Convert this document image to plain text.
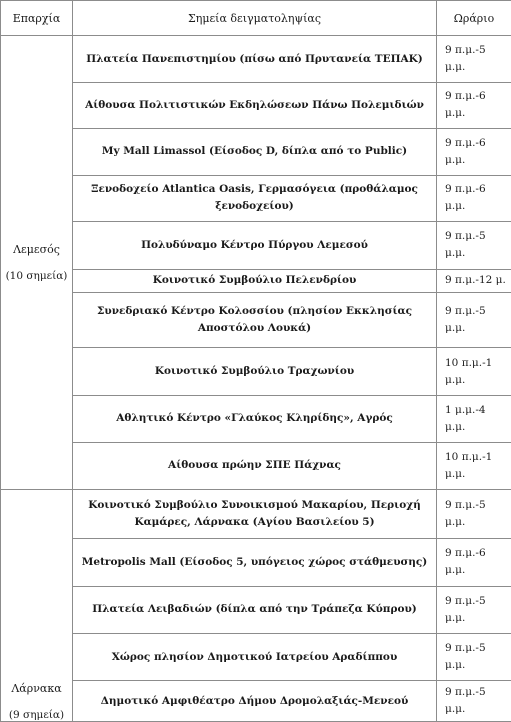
Επαρχία	Σημεία δειγματοληψίας	Ωράριο
Λεμεσός
(10 σημεία)	Πλατεία Πανεπιστημίου (πίσω από Πρυτανεία ΤΕΠΑΚ)	9 π.μ.-5 μ.μ.
	Αίθουσα Πολιτιστικών Εκδηλώσεων Πάνω Πολεμιδιών	9 π.μ.-6 μ.μ.
	My Mall Limassol (Είσοδος D, δίπλα από το Public)	9 π.μ.-6 μ.μ.
	Ξενοδοχείο Atlantica Oasis, Γερμασόγεια (προθάλαμος ξενοδοχείου)	9 π.μ.-6 μ.μ.
	Πολυδύναμο Κέντρο Πύργου Λεμεσού	9 π.μ.-5 μ.μ.
	Κοινοτικό Συμβούλιο Πελενδρίου	9 π.μ.-12 μ.
	Συνεδριακό Κέντρο Κολοσσίου (πλησίον Εκκλησίας Αποστόλου Λουκά)	9 π.μ.-5 μ.μ.
	Κοινοτικό Συμβούλιο Τραχωνίου	10 π.μ.-1 μ.μ.
	Αθλητικό Κέντρο «Γλαύκος Κληρίδης», Αγρός	1 μ.μ.-4 μ.μ.
	Αίθουσα πρώην ΣΠΕ Πάχνας	10 π.μ.-1 μ.μ.
Λάρνακα
(9 σημεία)	Κοινοτικό Συμβούλιο Συνοικισμού Μακαρίου, Περιοχή Καμάρες, Λάρνακα (Αγίου Βασιλείου 5)	9 π.μ.-5 μ.μ.
	Metropolis Mall (Είσοδος 5, υπόγειος χώρος στάθμευσης)	9 π.μ.-6 μ.μ.
	Πλατεία Λειβαδιών (δίπλα από την Τράπεζα Κύπρου)	9 π.μ.-5 μ.μ.
	Χώρος πλησίον Δημοτικού Ιατρείου Αραδίππου	9 π.μ.-5 μ.μ.
	Δημοτικό Αμφιθέατρο Δήμου Δρομολαξιάς-Μενεού	9 π.μ.-5 μ.μ.
